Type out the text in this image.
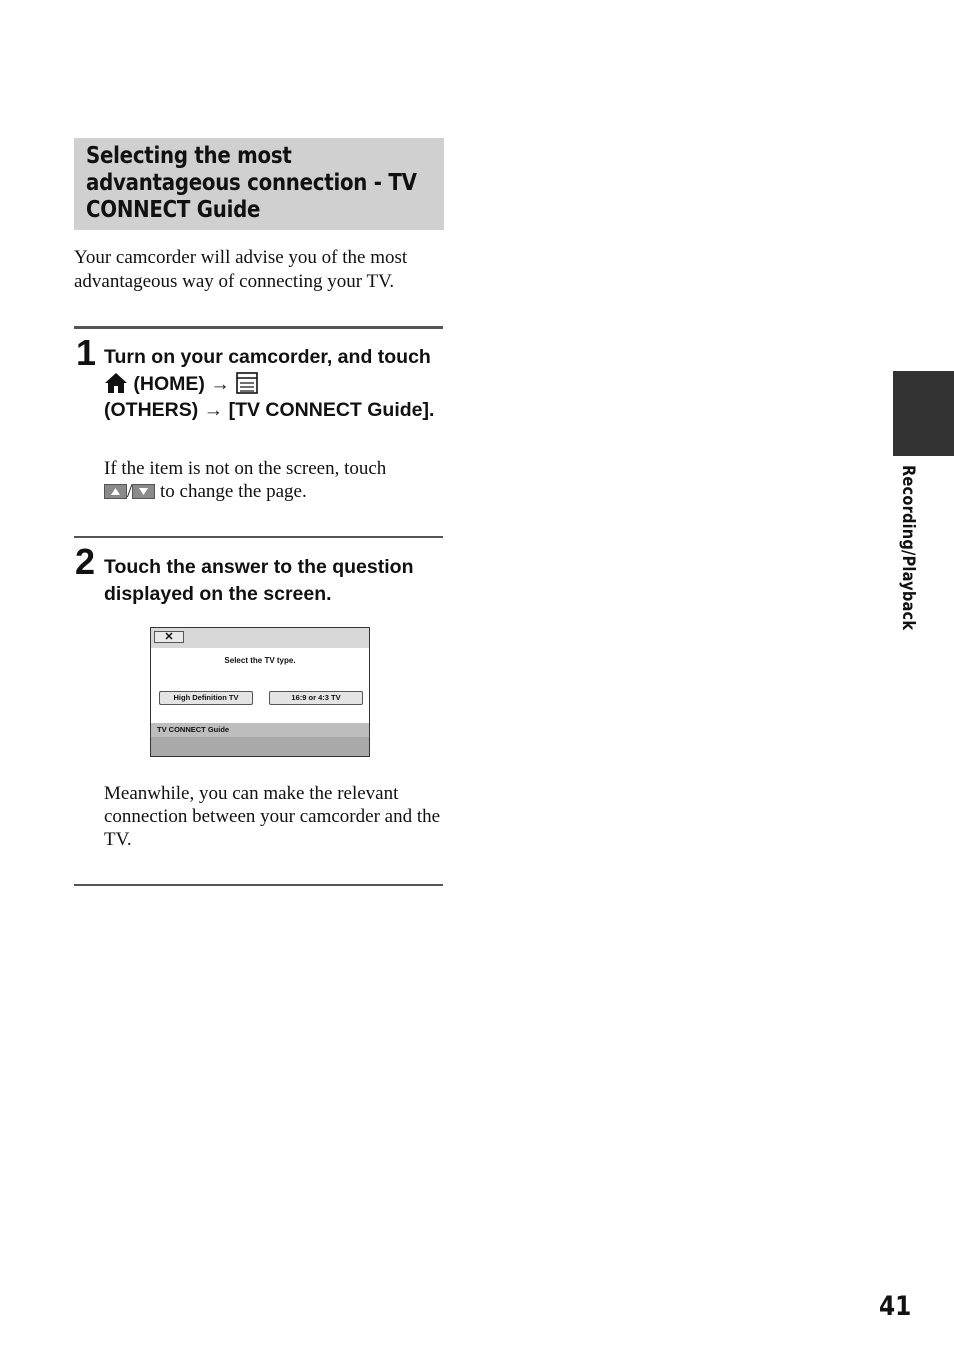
Selecting the most advantageous connection - TV CONNECT Guide

Your camcorder will advise you of the most advantageous way of connecting your TV.

1 Turn on your camcorder, and touch  (HOME) →
(OTHERS) → [TV CONNECT Guide].

If the item is not on the screen, touch

/
to change the page.

2 Touch the answer to the question displayed on the screen.

✕
Select the TV type.
High Definition TV	16:9 or 4:3 TV
TV CONNECT Guide

Meanwhile, you can make the relevant connection between your camcorder and the TV.

Recording/Playback
41
